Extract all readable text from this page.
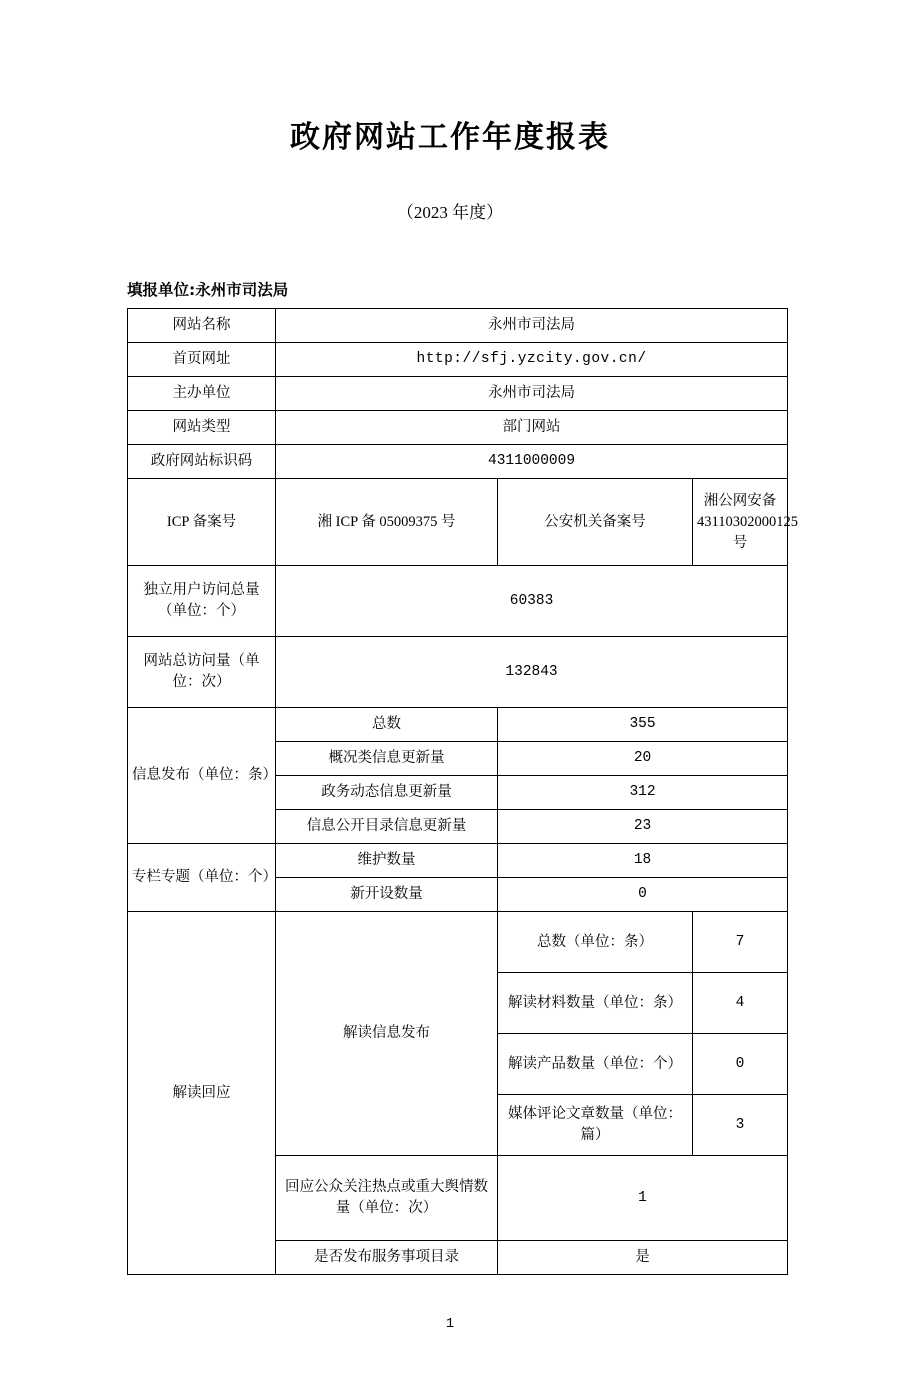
政府网站工作年度报表
（2023 年度）
填报单位:永州市司法局
网站名称	永州市司法局		
首页网址	http://sfj.yzcity.gov.cn/		
主办单位	永州市司法局		
网站类型	部门网站		
政府网站标识码	4311000009		
ICP 备案号	湘 ICP 备 05009375 号	公安机关备案号	湘公网安备 43110302000125 号
独立用户访问总量（单位：个）	60383		
网站总访问量（单位：次）	132843		
信息发布（单位：条）	总数	355	
	概况类信息更新量	20	
	政务动态信息更新量	312	
	信息公开目录信息更新量	23	
专栏专题（单位：个）	维护数量	18	
	新开设数量	0	
解读回应	解读信息发布	总数（单位：条）	7
		解读材料数量（单位：条）	4
		解读产品数量（单位：个）	0
		媒体评论文章数量（单位：篇）	3
	回应公众关注热点或重大舆情数量（单位：次）	1	
	是否发布服务事项目录	是	
1
